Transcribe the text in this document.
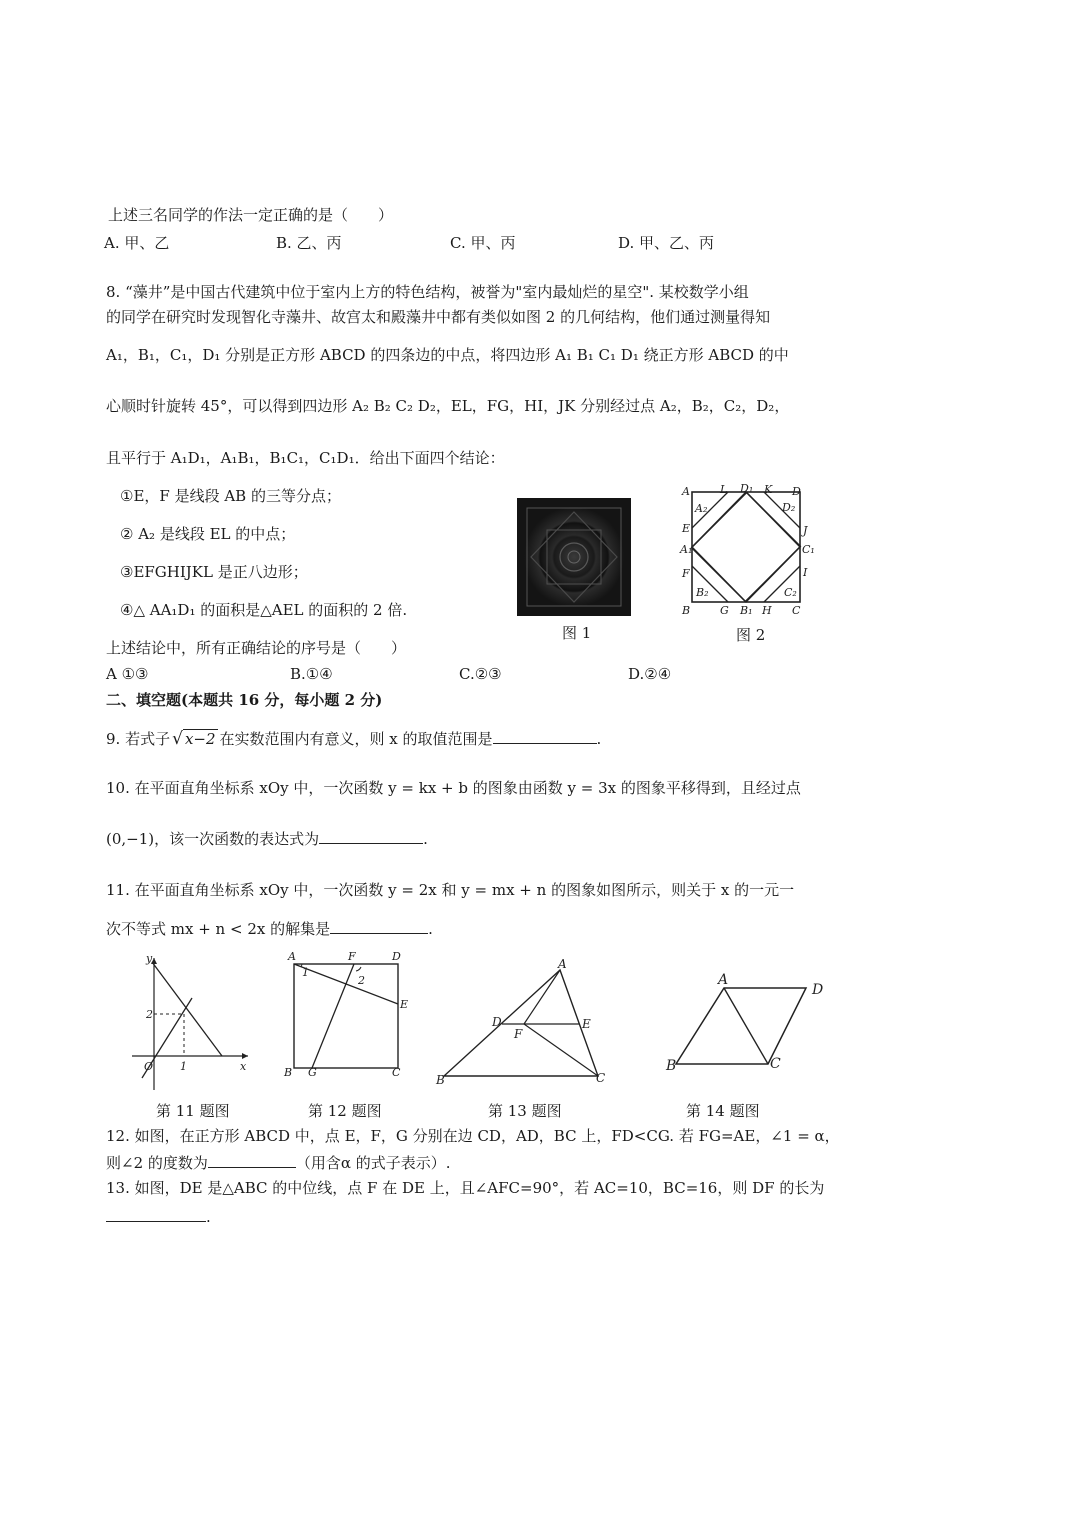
上述三名同学的作法一定正确的是（　　）
A. 甲、乙	B. 乙、丙	C. 甲、丙	D. 甲、乙、丙
8. “藻井”是中国古代建筑中位于室内上方的特色结构，被誉为"室内最灿烂的星空". 某校数学小组
的同学在研究时发现智化寺藻井、故宫太和殿藻井中都有类似如图 2 的几何结构，他们通过测量得知
A₁，B₁，C₁，D₁ 分别是正方形 ABCD 的四条边的中点，将四边形 A₁ B₁ C₁ D₁ 绕正方形 ABCD 的中
心顺时针旋转 45°，可以得到四边形 A₂ B₂ C₂ D₂，EL，FG，HI，JK 分别经过点 A₂，B₂，C₂，D₂，
且平行于 A₁D₁，A₁B₁，B₁C₁，C₁D₁．给出下面四个结论：
①E，F 是线段 AB 的三等分点；
② A₂ 是线段 EL 的中点；
③EFGHIJKL 是正八边形；
④△ AA₁D₁ 的面积是△AEL 的面积的 2 倍.
上述结论中，所有正确结论的序号是（　　）
A ①③	B.①④	C.②③	D.②④
图 1
A	L D₁ K D
A₂	D₂
E	J
A₁	C₁
F	I
B₂	C₂
B	G B₁ H C
图 2
二、填空题(本题共 16 分，每小题 2 分)
9. 若式子 √ x−2 在实数范围内有意义，则 x 的取值范围是	.
10. 在平面直角坐标系 xOy 中，一次函数 y = kx + b 的图象由函数 y = 3x 的图象平移得到，且经过点
(0,−1)，该一次函数的表达式为	.
11. 在平面直角坐标系 xOy 中，一次函数 y = 2x 和 y = mx + n 的图象如图所示，则关于 x 的一元一
次不等式 mx + n < 2x 的解集是	.
y
2
O 1	x
第 11 题图
A	F	D
1
2
E
B G	C
第 12 题图
A
D	E
F
B	C
第 13 题图
A
D
B	C
第 14 题图
12. 如图，在正方形 ABCD 中，点 E，F，G 分别在边 CD，AD，BC 上，FD<CG. 若 FG=AE，∠1 = α，
则∠2 的度数为	（用含α 的式子表示）.
13. 如图，DE 是△ABC 的中位线，点 F 在 DE 上，且∠AFC=90°，若 AC=10，BC=16，则 DF 的长为
.
